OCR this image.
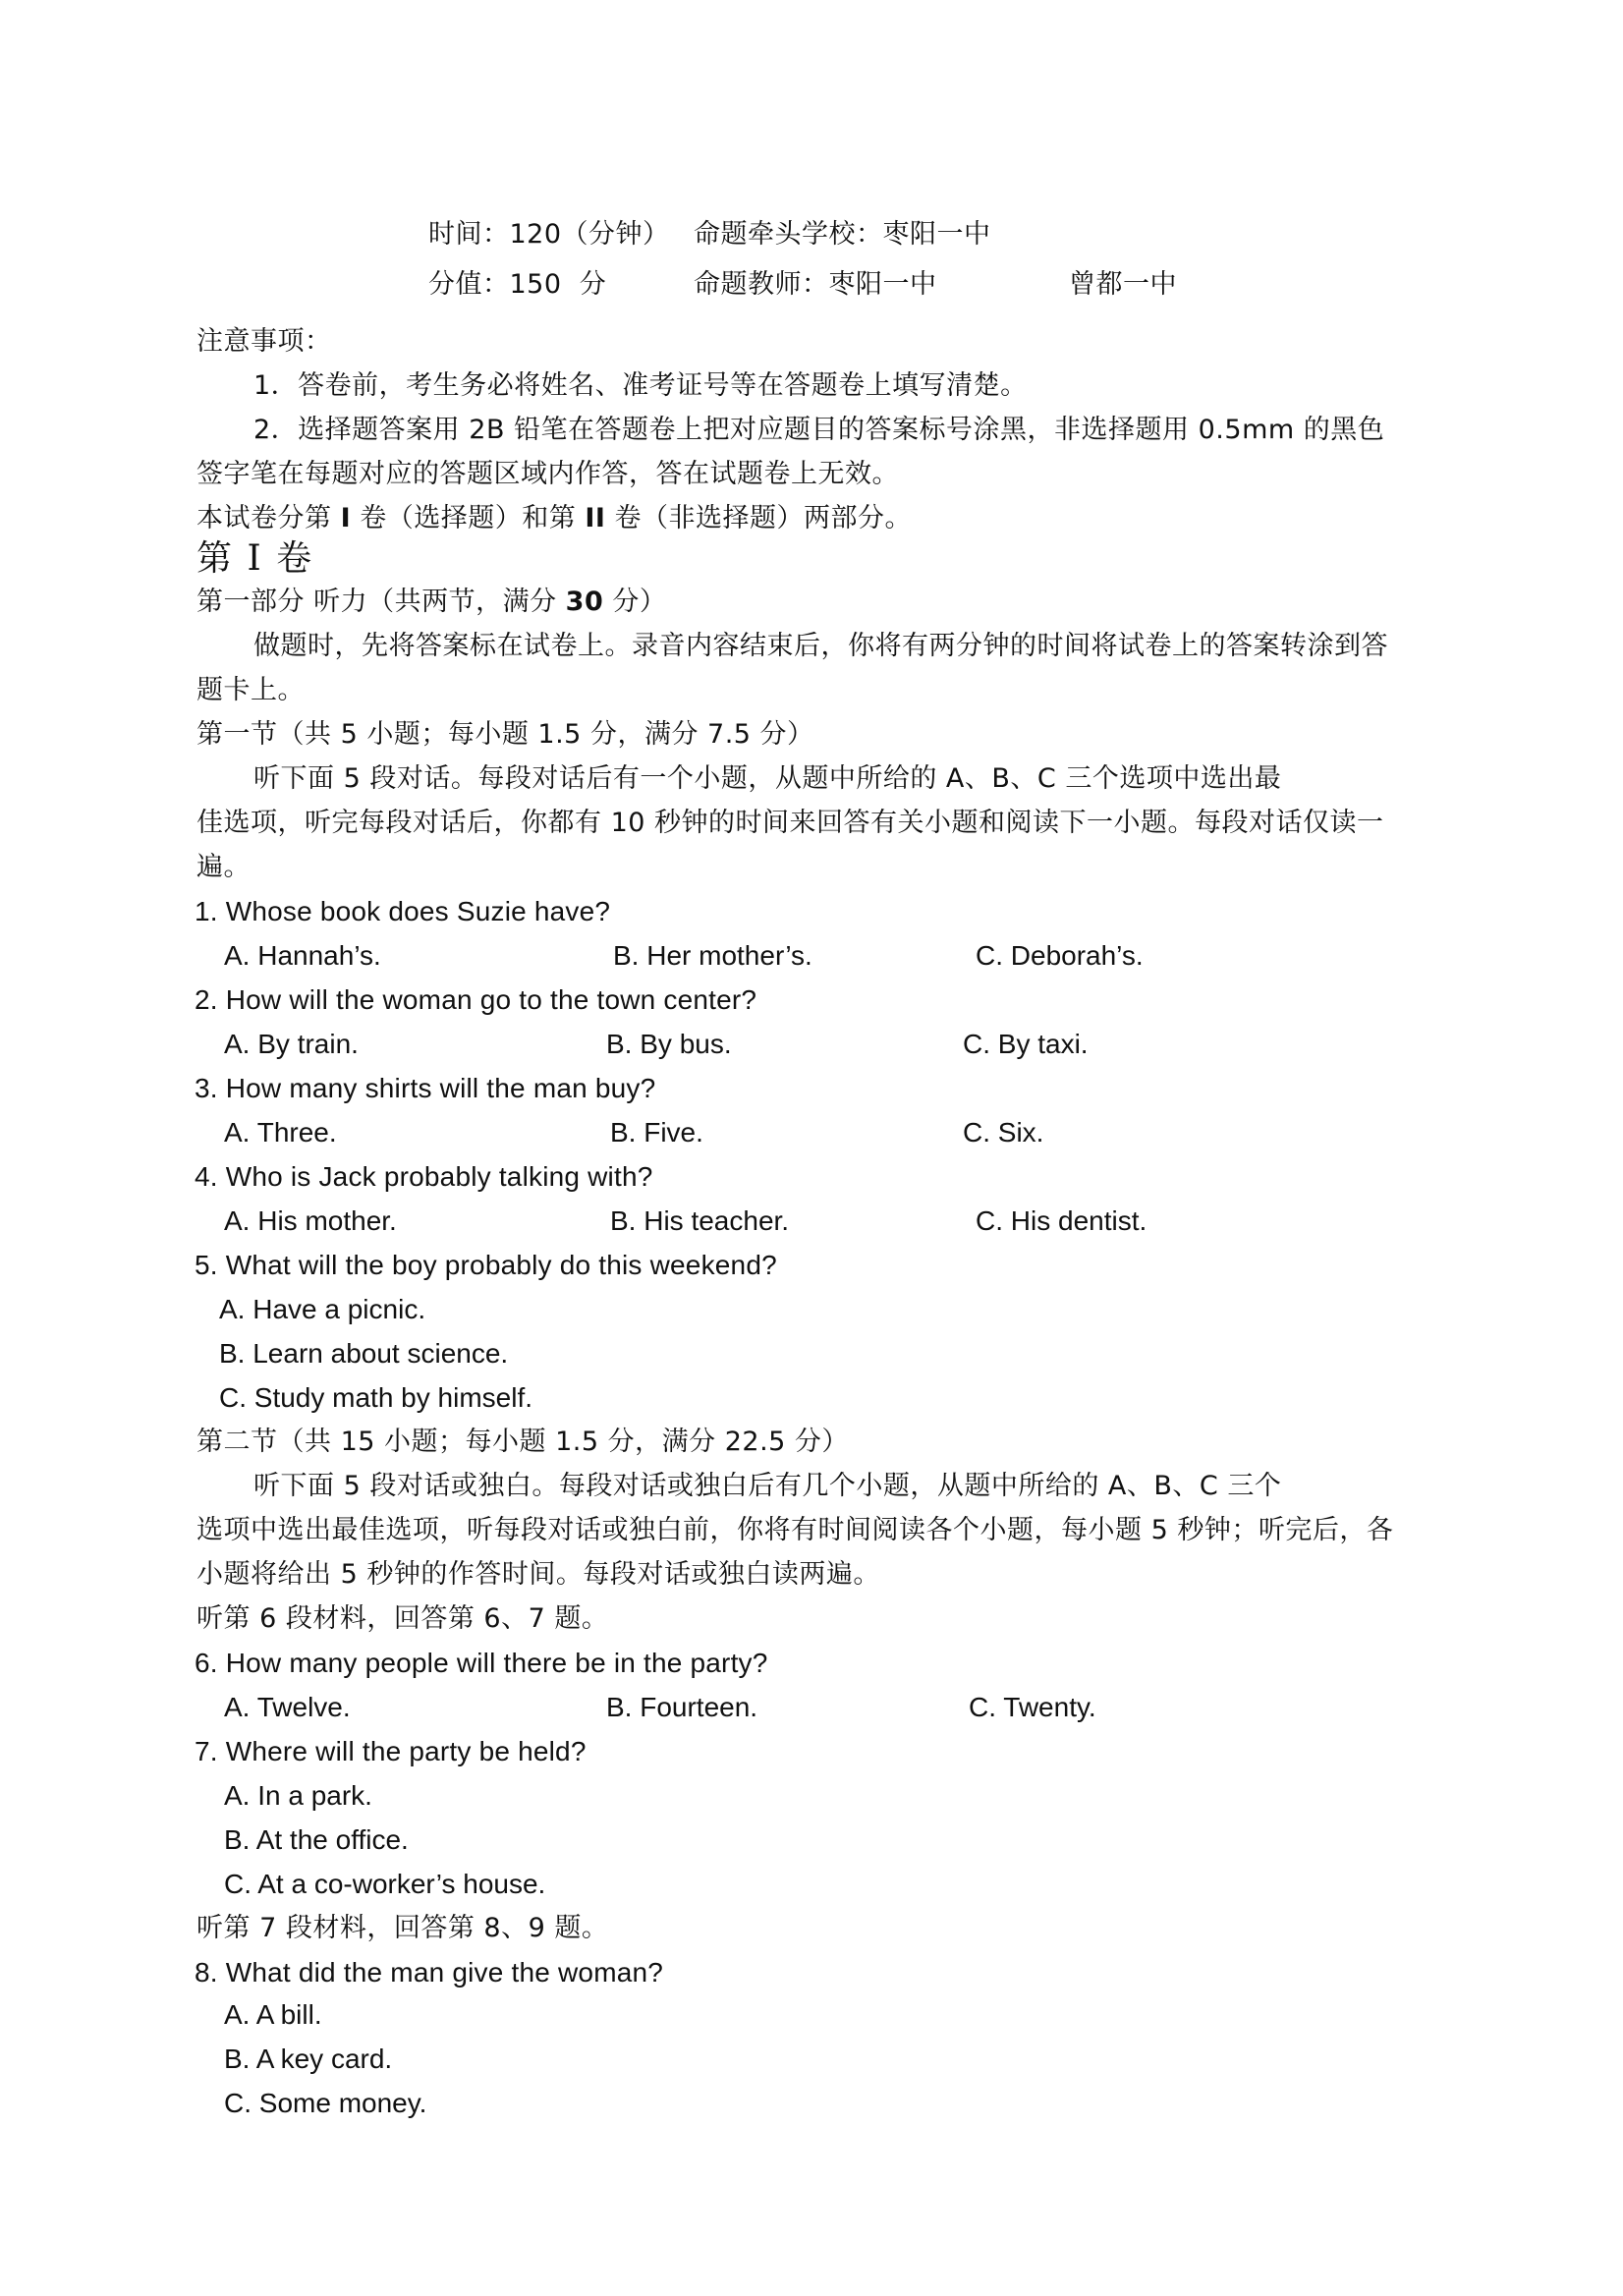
时间：120（分钟） 命题牵头学校：枣阳一中
分值：150 分	命题教师：枣阳一中	曾都一中
注意事项：
1．答卷前，考生务必将姓名、准考证号等在答题卷上填写清楚。
2．选择题答案用 2B 铅笔在答题卷上把对应题目的答案标号涂黑，非选择题用 0.5mm 的黑色
签字笔在每题对应的答题区域内作答，答在试题卷上无效。
本试卷分第 I 卷（选择题）和第 II 卷（非选择题）两部分。
第 I 卷
第一部分 听力（共两节，满分 30 分）
做题时，先将答案标在试卷上。录音内容结束后，你将有两分钟的时间将试卷上的答案转涂到答
题卡上。
第一节（共 5 小题；每小题 1.5 分，满分 7.5 分）
听下面 5 段对话。每段对话后有一个小题，从题中所给的 A、B、C 三个选项中选出最
佳选项，听完每段对话后，你都有 10 秒钟的时间来回答有关小题和阅读下一小题。每段对话仅读一
遍。
1. Whose book does Suzie have?
A. Hannah’s.	B. Her mother’s.	C. Deborah’s.
2. How will the woman go to the town center?
A. By train.	B. By bus.	C. By taxi.
3. How many shirts will the man buy?
A. Three.	B. Five.	C. Six.
4. Who is Jack probably talking with?
A. His mother.	B. His teacher.	C. His dentist.
5. What will the boy probably do this weekend?
A. Have a picnic.
B. Learn about science.
C. Study math by himself.
第二节（共 15 小题；每小题 1.5 分，满分 22.5 分）
听下面 5 段对话或独白。每段对话或独白后有几个小题，从题中所给的 A、B、C 三个
选项中选出最佳选项，听每段对话或独白前，你将有时间阅读各个小题，每小题 5 秒钟；听完后，各
小题将给出 5 秒钟的作答时间。每段对话或独白读两遍。
听第 6 段材料，回答第 6、7 题。
6. How many people will there be in the party?
A. Twelve.	B. Fourteen.	C. Twenty.
7. Where will the party be held?
A. In a park.
B. At the office.
C. At a co-worker’s house.
听第 7 段材料，回答第 8、9 题。
8. What did the man give the woman?
A. A bill.
B. A key card.
C. Some money.
